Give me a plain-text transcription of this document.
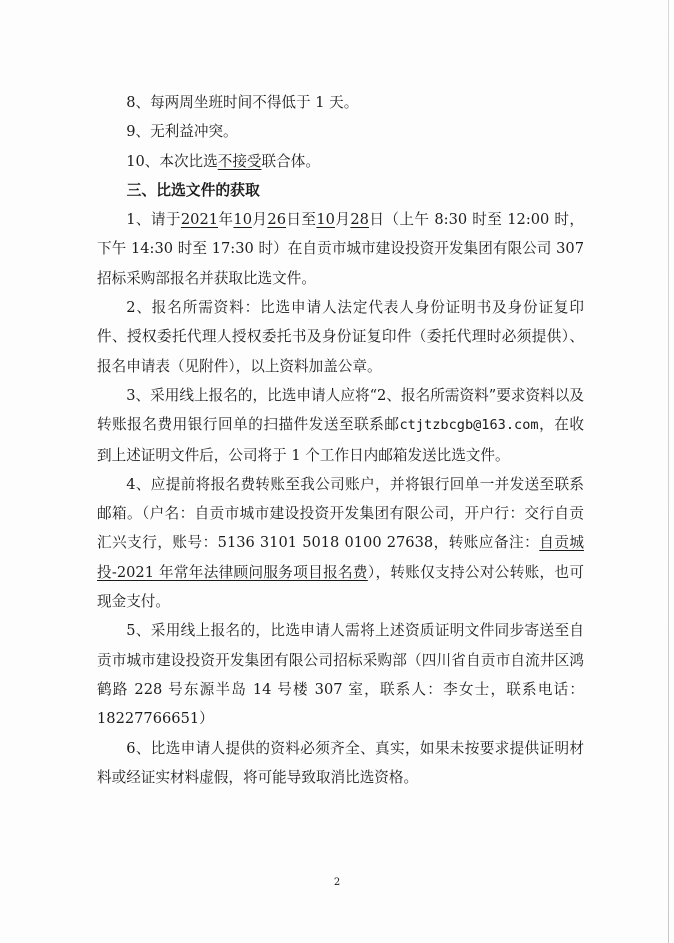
8、每两周坐班时间不得低于 1 天。

9、无利益冲突。

10、本次比选不接受联合体。

三、比选文件的获取

1、请于2021年10月26日至10月28日（上午 8:30 时至 12:00 时，下午 14:30 时至 17:30 时）在自贡市城市建设投资开发集团有限公司 307 招标采购部报名并获取比选文件。

2、报名所需资料：比选申请人法定代表人身份证明书及身份证复印件、授权委托代理人授权委托书及身份证复印件（委托代理时必须提供）、报名申请表（见附件），以上资料加盖公章。

3、采用线上报名的，比选申请人应将“2、报名所需资料”要求资料以及转账报名费用银行回单的扫描件发送至联系邮ctjtzbcgb@163.com，在收到上述证明文件后，公司将于 1 个工作日内邮箱发送比选文件。

4、应提前将报名费转账至我公司账户，并将银行回单一并发送至联系邮箱。（户名：自贡市城市建设投资开发集团有限公司，开户行：交行自贡汇兴支行，账号：5136 3101 5018 0100 27638，转账应备注：自贡城投-2021 年常年法律顾问服务项目报名费），转账仅支持公对公转账，也可现金支付。

5、采用线上报名的，比选申请人需将上述资质证明文件同步寄送至自贡市城市建设投资开发集团有限公司招标采购部（四川省自贡市自流井区鸿鹤路 228 号东源半岛 14 号楼 307 室，联系人：李女士，联系电话：18227766651）

6、比选申请人提供的资料必须齐全、真实，如果未按要求提供证明材料或经证实材料虚假，将可能导致取消比选资格。

2
